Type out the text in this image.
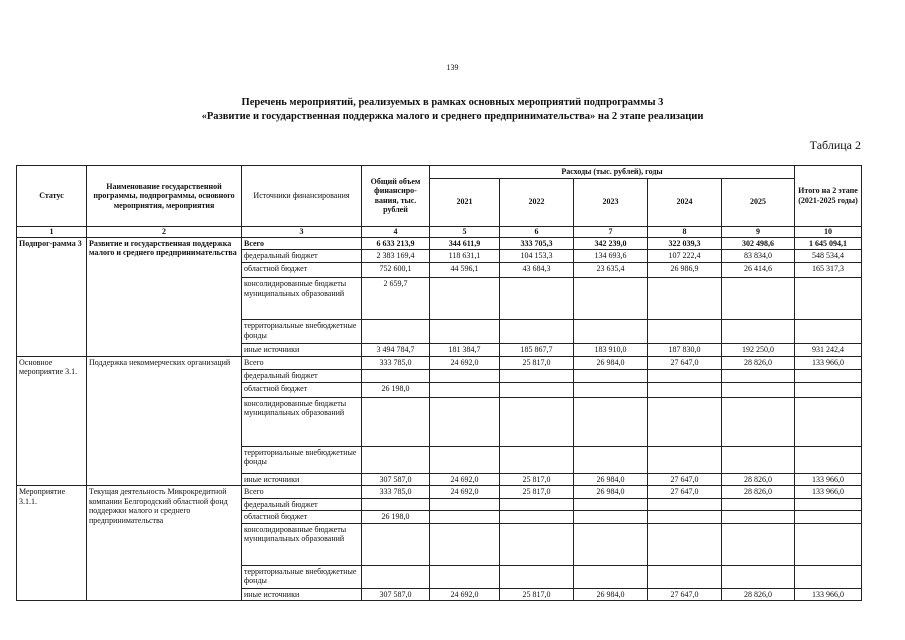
139
Перечень мероприятий, реализуемых в рамках основных мероприятий подпрограммы 3
«Развитие и государственная поддержка малого и среднего предпринимательства» на 2 этапе реализации
Таблица 2
Статус	Наименование государственной программы, подпрограммы, основного мероприятия, мероприятия	Источники финансирования	Общий объем финансиро-вания, тыс. рублей	Расходы (тыс. рублей), годы					Итого на 2 этапе (2021-2025 годы)
				2021	2022	2023	2024	2025	
1	2	3	4	5	6	7	8	9	10
Подпрог-рамма 3	Развитие и государственная поддержка малого и среднего предпринимательства	Всего	6 633 213,9	344 611,9	333 705,3	342 239,0	322 039,3	302 498,6	1 645 094,1
		федеральный бюджет	2 383 169,4	118 631,1	104 153,3	134 693,6	107 222,4	83 834,0	548 534,4
		областной бюджет	752 600,1	44 596,1	43 684,3	23 635,4	26 986,9	26 414,6	165 317,3
		консолидированные бюджеты муниципальных образований	2 659,7						
		территориальные внебюджетные фонды							
		иные источники	3 494 784,7	181 384,7	185 867,7	183 910,0	187 830,0	192 250,0	931 242,4
Основное мероприятие 3.1.	Поддержка некоммерческих организаций	Всего	333 785,0	24 692,0	25 817,0	26 984,0	27 647,0	28 826,0	133 966,0
		федеральный бюджет							
		областной бюджет	26 198,0						
		консолидированные бюджеты муниципальных образований							
		территориальные внебюджетные фонды							
		иные источники	307 587,0	24 692,0	25 817,0	26 984,0	27 647,0	28 826,0	133 966,0
Мероприятие 3.1.1.	Текущая деятельность Микрокредитной компании Белгородский областной фонд поддержки малого и среднего предпринимательства	Всего	333 785,0	24 692,0	25 817,0	26 984,0	27 647,0	28 826,0	133 966,0
		федеральный бюджет							
		областной бюджет	26 198,0						
		консолидированные бюджеты муниципальных образований							
		территориальные внебюджетные фонды							
		иные источники	307 587,0	24 692,0	25 817,0	26 984,0	27 647,0	28 826,0	133 966,0
